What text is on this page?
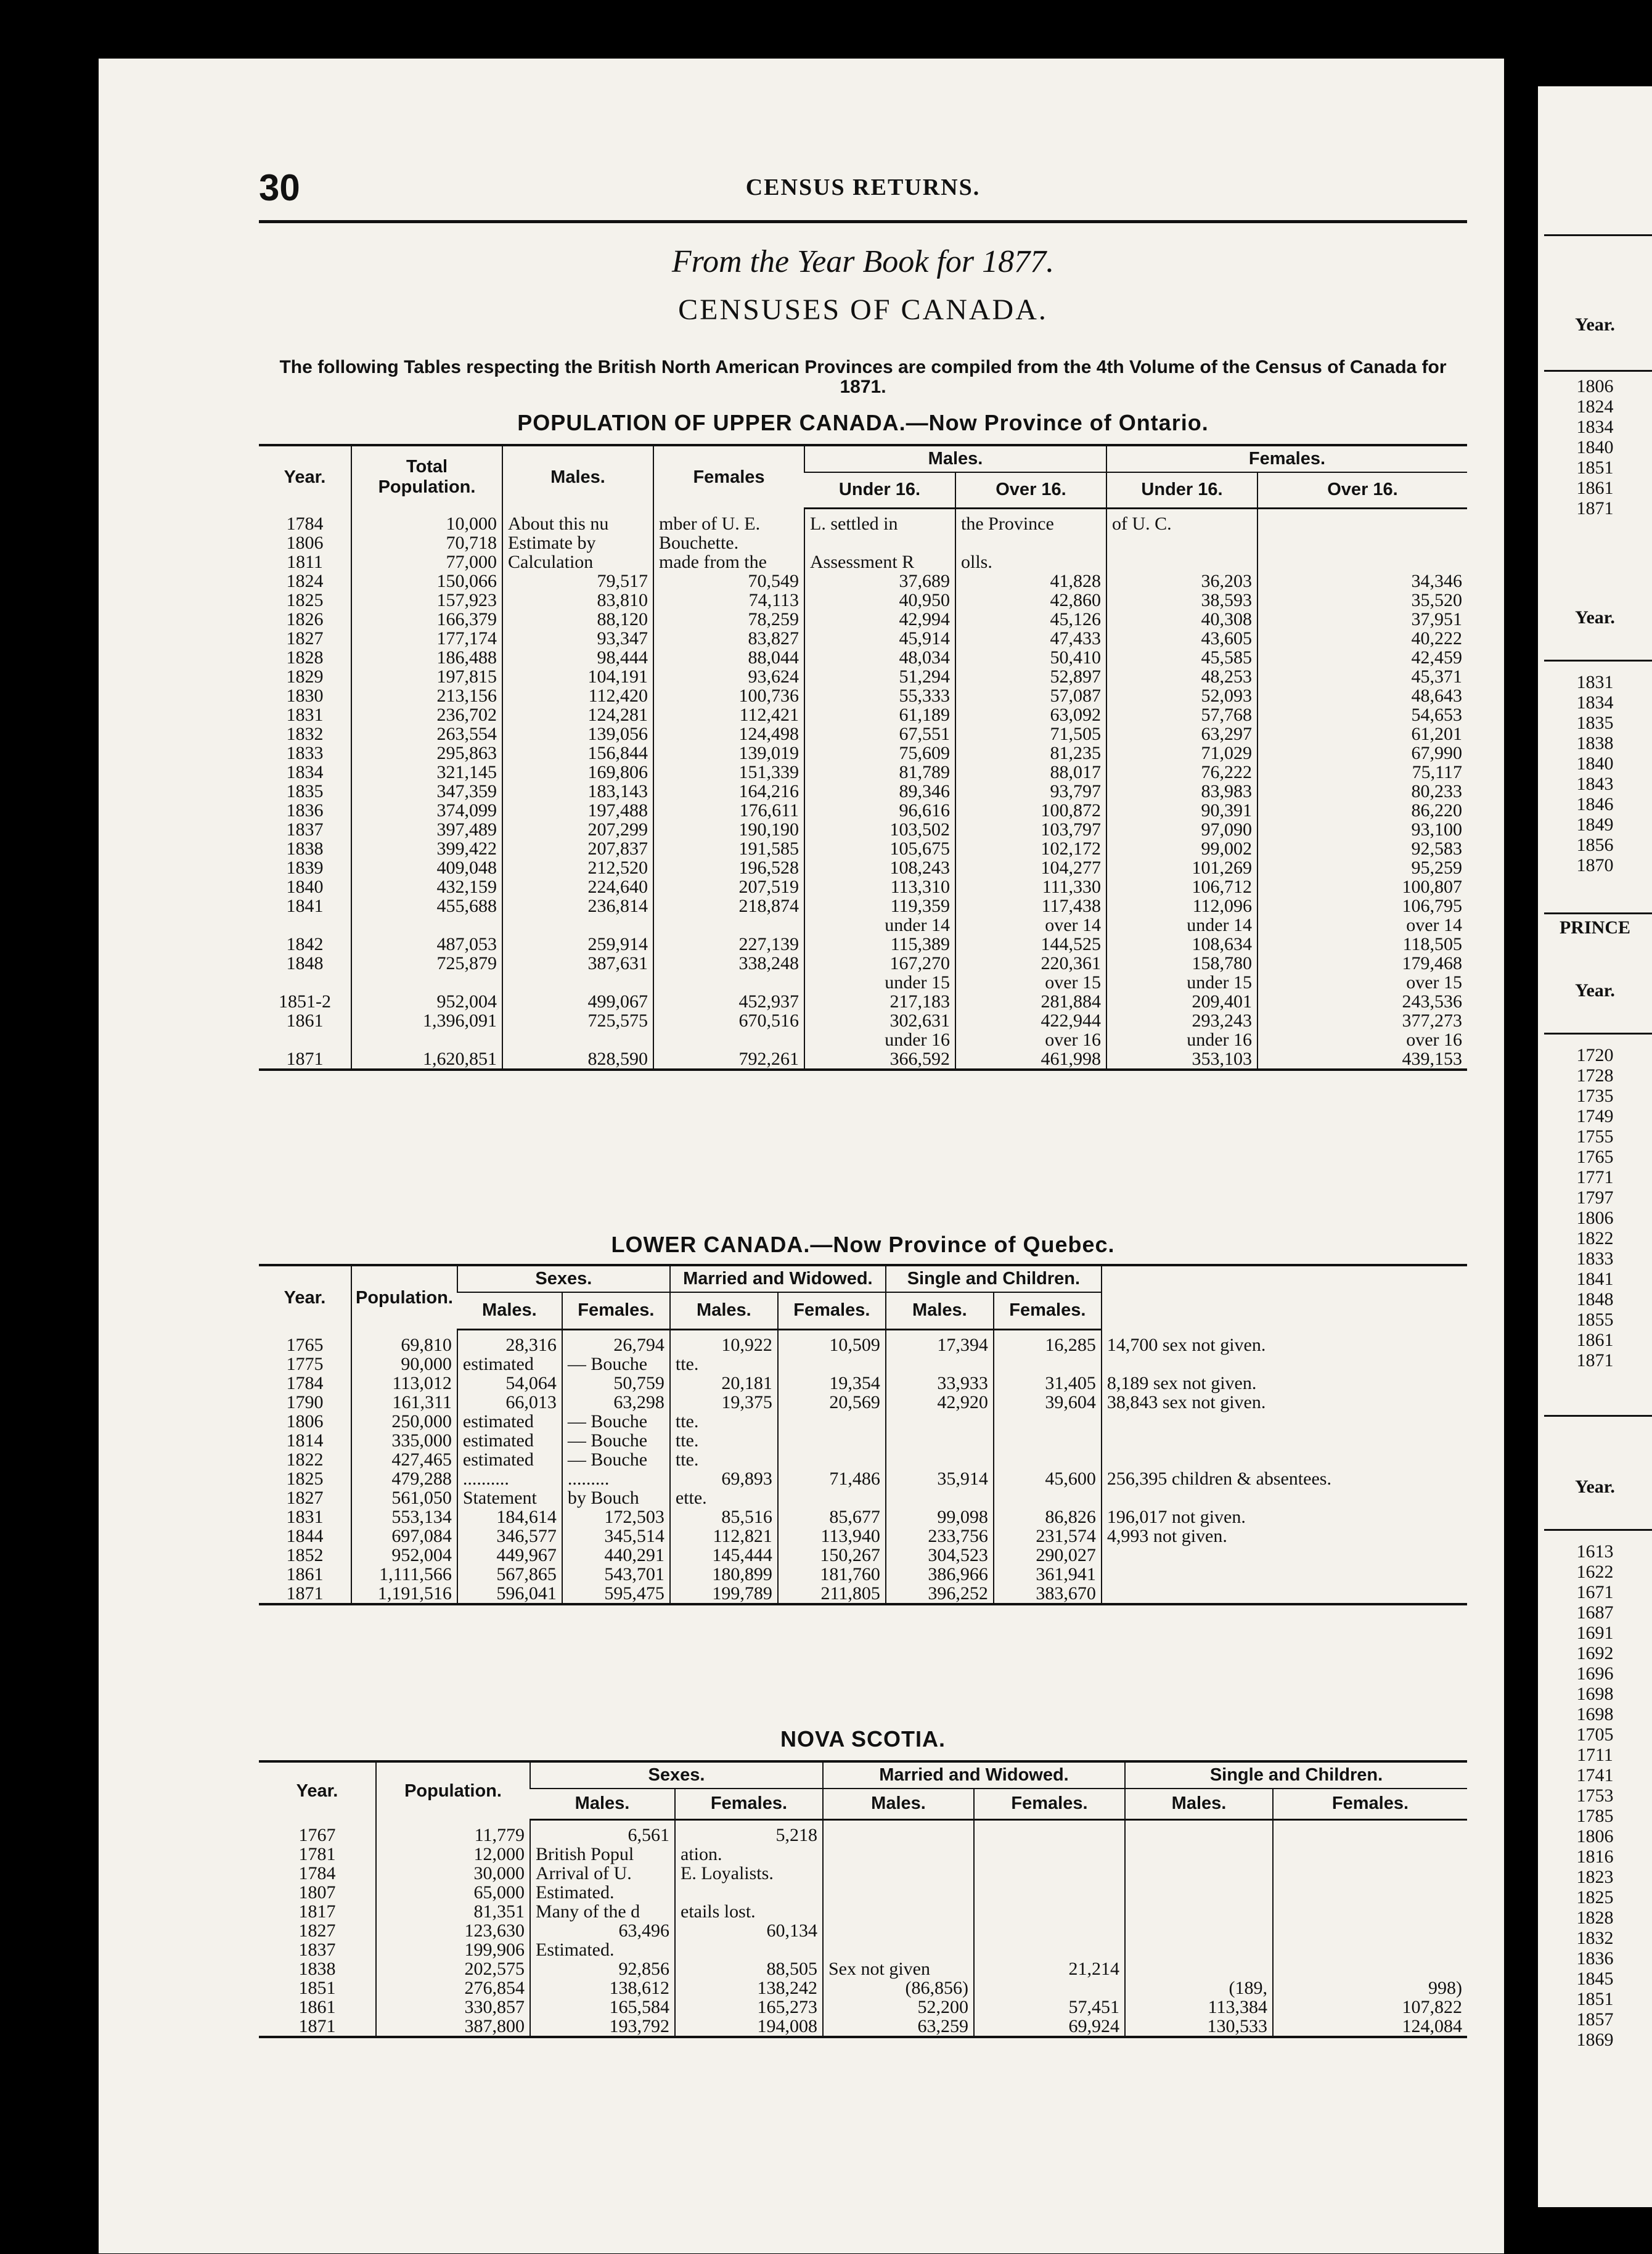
30	CENSUS RETURNS.
From the Year Book for 1877.
CENSUSES OF CANADA.
The following Tables respecting the British North American Provinces are compiled from the 4th Volume of the Census of Canada for 1871.
POPULATION OF UPPER CANADA.—Now Province of Ontario.
Year.	Total Population.	Males.	Females	Males.		Females.	
				Under 16.	Over 16.	Under 16.	Over 16.

1784	10,000	About this nu	mber of U. E.	L. settled in	the Province	of U. C.	
1806	70,718	Estimate by	Bouchette.				
1811	77,000	Calculation	made from the	Assessment R	olls.		
1824	150,066	79,517	70,549	37,689	41,828	36,203	34,346
1825	157,923	83,810	74,113	40,950	42,860	38,593	35,520
1826	166,379	88,120	78,259	42,994	45,126	40,308	37,951
1827	177,174	93,347	83,827	45,914	47,433	43,605	40,222
1828	186,488	98,444	88,044	48,034	50,410	45,585	42,459
1829	197,815	104,191	93,624	51,294	52,897	48,253	45,371
1830	213,156	112,420	100,736	55,333	57,087	52,093	48,643
1831	236,702	124,281	112,421	61,189	63,092	57,768	54,653
1832	263,554	139,056	124,498	67,551	71,505	63,297	61,201
1833	295,863	156,844	139,019	75,609	81,235	71,029	67,990
1834	321,145	169,806	151,339	81,789	88,017	76,222	75,117
1835	347,359	183,143	164,216	89,346	93,797	83,983	80,233
1836	374,099	197,488	176,611	96,616	100,872	90,391	86,220
1837	397,489	207,299	190,190	103,502	103,797	97,090	93,100
1838	399,422	207,837	191,585	105,675	102,172	99,002	92,583
1839	409,048	212,520	196,528	108,243	104,277	101,269	95,259
1840	432,159	224,640	207,519	113,310	111,330	106,712	100,807
1841	455,688	236,814	218,874	119,359	117,438	112,096	106,795
				under 14	over 14	under 14	over 14
1842	487,053	259,914	227,139	115,389	144,525	108,634	118,505
1848	725,879	387,631	338,248	167,270	220,361	158,780	179,468
				under 15	over 15	under 15	over 15
1851-2	952,004	499,067	452,937	217,183	281,884	209,401	243,536
1861	1,396,091	725,575	670,516	302,631	422,944	293,243	377,273
				under 16	over 16	under 16	over 16
1871	1,620,851	828,590	792,261	366,592	461,998	353,103	439,153
LOWER CANADA.—Now Province of Quebec.
Year.	Population.	Sexes.		Married and Widowed.		Single and Children.		
		Males.	Females.	Males.	Females.	Males.	Females.	

1765	69,810	28,316	26,794	10,922	10,509	17,394	16,285	14,700 sex not given.
1775	90,000	estimated	— Bouche	tte.				
1784	113,012	54,064	50,759	20,181	19,354	33,933	31,405	8,189 sex not given.
1790	161,311	66,013	63,298	19,375	20,569	42,920	39,604	38,843 sex not given.
1806	250,000	estimated	— Bouche	tte.				
1814	335,000	estimated	— Bouche	tte.				
1822	427,465	estimated	— Bouche	tte.				
1825	479,288	..........	.........	69,893	71,486	35,914	45,600	256,395 children & absentees.
1827	561,050	Statement	by Bouch	ette.				
1831	553,134	184,614	172,503	85,516	85,677	99,098	86,826	196,017 not given.
1844	697,084	346,577	345,514	112,821	113,940	233,756	231,574	4,993 not given.
1852	952,004	449,967	440,291	145,444	150,267	304,523	290,027	
1861	1,111,566	567,865	543,701	180,899	181,760	386,966	361,941	
1871	1,191,516	596,041	595,475	199,789	211,805	396,252	383,670	
NOVA SCOTIA.
Year.	Population.	Sexes.		Married and Widowed.		Single and Children.	
		Males.	Females.	Males.	Females.	Males.	Females.

1767	11,779	6,561	5,218				
1781	12,000	British Popul	ation.				
1784	30,000	Arrival of U.	E. Loyalists.				
1807	65,000	Estimated.					
1817	81,351	Many of the d	etails lost.				
1827	123,630	63,496	60,134				
1837	199,906	Estimated.					
1838	202,575	92,856	88,505	Sex not given	21,214		
1851	276,854	138,612	138,242	(86,856)		(189,	998)
1861	330,857	165,584	165,273	52,200	57,451	113,384	107,822
1871	387,800	193,792	194,008	63,259	69,924	130,533	124,084
Year.
1806
1824
1834
1840
1851
1861
1871
Year.
1831
1834
1835
1838
1840
1843
1846
1849
1856
1870
PRINCE
Year.
1720
1728
1735
1749
1755
1765
1771
1797
1806
1822
1833
1841
1848
1855
1861
1871
Year.
1613
1622
1671
1687
1691
1692
1696
1698
1698
1705
1711
1741
1753
1785
1806
1816
1823
1825
1828
1832
1836
1845
1851
1857
1869
